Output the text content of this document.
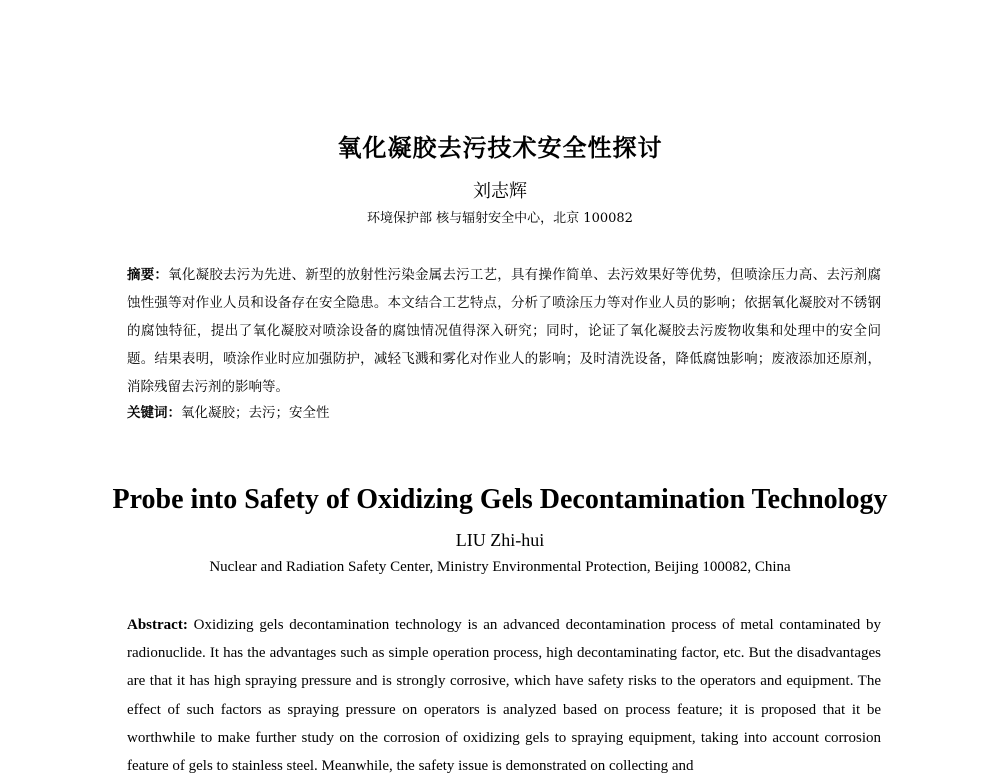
氧化凝胶去污技术安全性探讨
刘志辉
环境保护部 核与辐射安全中心，北京 100082

摘要：氧化凝胶去污为先进、新型的放射性污染金属去污工艺，具有操作简单、去污效果好等优势，但喷涂压力高、去污剂腐蚀性强等对作业人员和设备存在安全隐患。本文结合工艺特点，分析了喷涂压力等对作业人员的影响；依据氧化凝胶对不锈钢的腐蚀特征，提出了氧化凝胶对喷涂设备的腐蚀情况值得深入研究；同时，论证了氧化凝胶去污废物收集和处理中的安全问题。结果表明，喷涂作业时应加强防护，减轻飞溅和雾化对作业人的影响；及时清洗设备，降低腐蚀影响；废液添加还原剂，消除残留去污剂的影响等。

关键词：氧化凝胶；去污；安全性

Probe into Safety of Oxidizing Gels Decontamination Technology
LIU Zhi-hui
Nuclear and Radiation Safety Center, Ministry Environmental Protection, Beijing 100082, China

Abstract: Oxidizing gels decontamination technology is an advanced decontamination process of metal contaminated by radionuclide. It has the advantages such as simple operation process, high decontaminating factor, etc. But the disadvantages are that it has high spraying pressure and is strongly corrosive, which have safety risks to the operators and equipment. The effect of such factors as spraying pressure on operators is analyzed based on process feature; it is proposed that it be worthwhile to make further study on the corrosion of oxidizing gels to spraying equipment, taking into account corrosion feature of gels to stainless steel. Meanwhile, the safety issue is demonstrated on collecting and
